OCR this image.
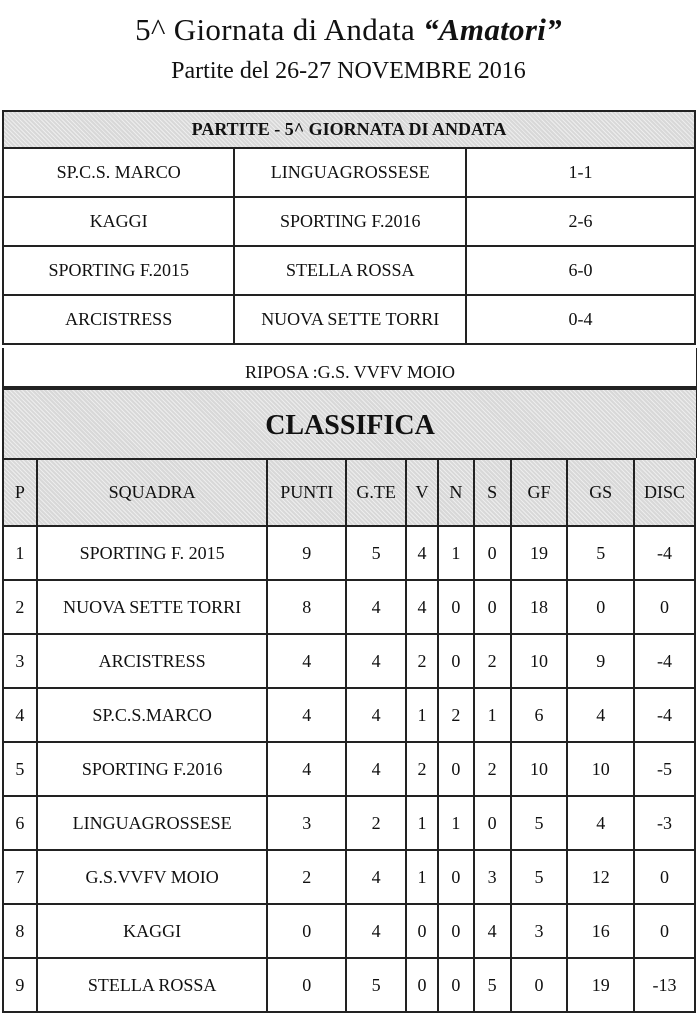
5^ Giornata di Andata “Amatori”
Partite del 26-27 NOVEMBRE 2016
PARTITE - 5^ GIORNATA DI ANDATA		
SP.C.S. MARCO	LINGUAGROSSESE	1-1
KAGGI	SPORTING F.2016	2-6
SPORTING F.2015	STELLA ROSSA	6-0
ARCISTRESS	NUOVA SETTE TORRI	0-4
RIPOSA :G.S. VVFV MOIO
CLASSIFICA
P	SQUADRA	PUNTI	G.TE	V	N	S	GF	GS	DISC
1	SPORTING F. 2015	9	5	4	1	0	19	5	-4
2	NUOVA SETTE TORRI	8	4	4	0	0	18	0	0
3	ARCISTRESS	4	4	2	0	2	10	9	-4
4	SP.C.S.MARCO	4	4	1	2	1	6	4	-4
5	SPORTING F.2016	4	4	2	0	2	10	10	-5
6	LINGUAGROSSESE	3	2	1	1	0	5	4	-3
7	G.S.VVFV MOIO	2	4	1	0	3	5	12	0
8	KAGGI	0	4	0	0	4	3	16	0
9	STELLA ROSSA	0	5	0	0	5	0	19	-13
